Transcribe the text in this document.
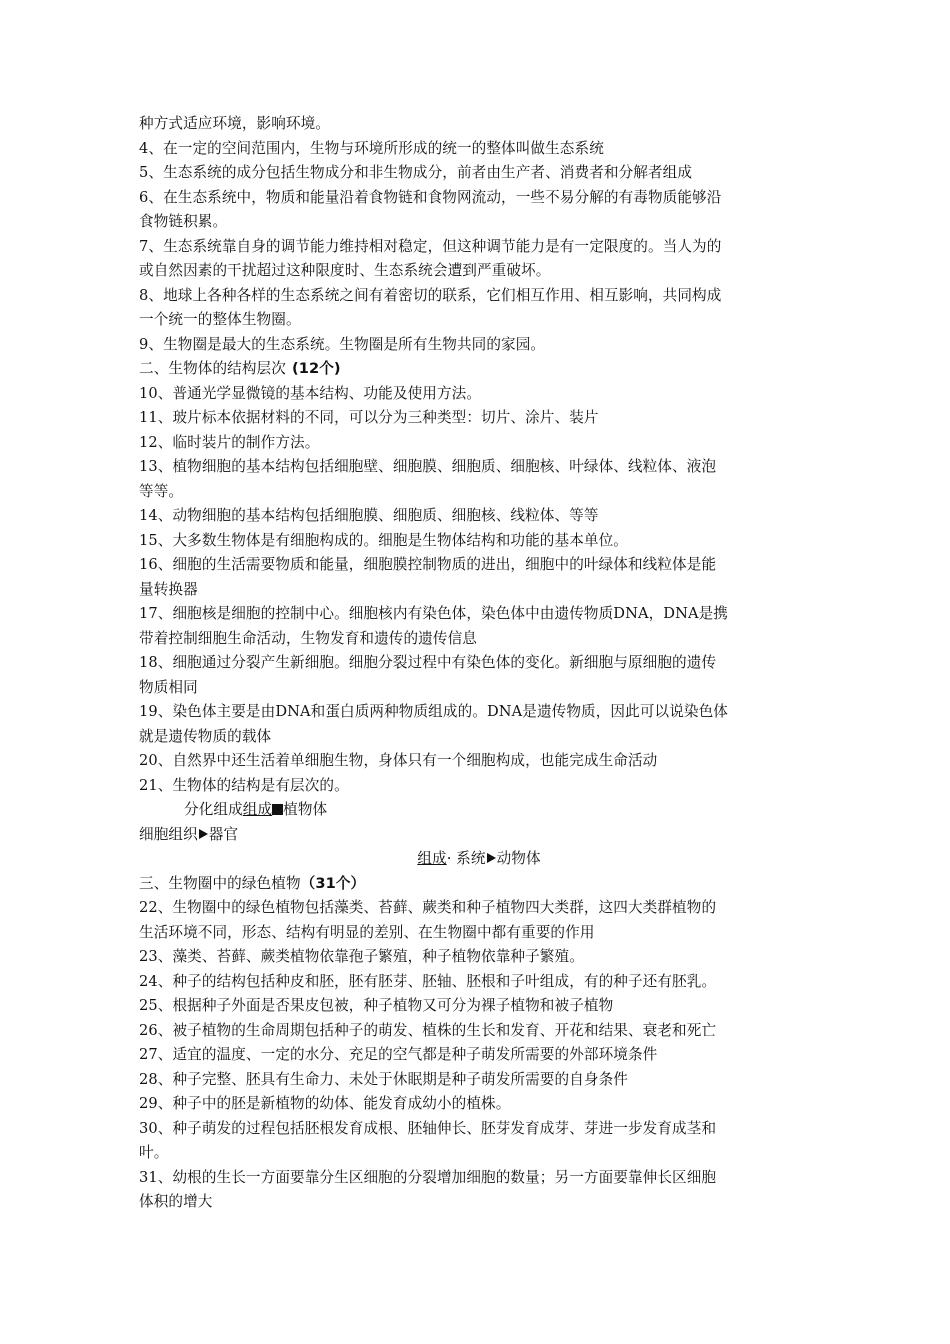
种方式适应环境，影响环境。
4、在一定的空间范围内，生物与环境所形成的统一的整体叫做生态系统
5、生态系统的成分包括生物成分和非生物成分，前者由生产者、消费者和分解者组成
6、在生态系统中，物质和能量沿着食物链和食物网流动，一些不易分解的有毒物质能够沿
食物链积累。
7、生态系统靠自身的调节能力维持相对稳定，但这种调节能力是有一定限度的。当人为的
或自然因素的干扰超过这种限度时、生态系统会遭到严重破坏。
8、地球上各种各样的生态系统之间有着密切的联系，它们相互作用、相互影响，共同构成
一个统一的整体生物圈。
9、生物圈是最大的生态系统。生物圈是所有生物共同的家园。
二、生物体的结构层次 (12个)
10、普通光学显微镜的基本结构、功能及使用方法。
11、玻片标本依据材料的不同，可以分为三种类型：切片、涂片、装片
12、临时装片的制作方法。
13、植物细胞的基本结构包括细胞壁、细胞膜、细胞质、细胞核、叶绿体、线粒体、液泡
等等。
14、动物细胞的基本结构包括细胞膜、细胞质、细胞核、线粒体、等等
15、大多数生物体是有细胞构成的。细胞是生物体结构和功能的基本单位。
16、细胞的生活需要物质和能量，细胞膜控制物质的进出，细胞中的叶绿体和线粒体是能
量转换器
17、细胞核是细胞的控制中心。细胞核内有染色体，染色体中由遗传物质DNA，DNA是携
带着控制细胞生命活动，生物发育和遗传的遗传信息
18、细胞通过分裂产生新细胞。细胞分裂过程中有染色体的变化。新细胞与原细胞的遗传
物质相同
19、染色体主要是由DNA和蛋白质两种物质组成的。DNA是遗传物质，因此可以说染色体
就是遗传物质的载体
20、自然界中还生活着单细胞生物，身体只有一个细胞构成，也能完成生命活动
21、生物体的结构是有层次的。
分化组成组成 植物体
细胞组织 器官
组成· 系统 动物体
三、生物圈中的绿色植物（31个）
22、生物圈中的绿色植物包括藻类、苔藓、蕨类和种子植物四大类群，这四大类群植物的
生活环境不同，形态、结构有明显的差别、在生物圈中都有重要的作用
23、藻类、苔藓、蕨类植物依靠孢子繁殖，种子植物依靠种子繁殖。
24、种子的结构包括种皮和胚，胚有胚芽、胚轴、胚根和子叶组成，有的种子还有胚乳。
25、根据种子外面是否果皮包被，种子植物又可分为裸子植物和被子植物
26、被子植物的生命周期包括种子的萌发、植株的生长和发育、开花和结果、衰老和死亡
27、适宜的温度、一定的水分、充足的空气都是种子萌发所需要的外部环境条件
28、种子完整、胚具有生命力、未处于休眠期是种子萌发所需要的自身条件
29、种子中的胚是新植物的幼体、能发育成幼小的植株。
30、种子萌发的过程包括胚根发育成根、胚轴伸长、胚芽发育成芽、芽进一步发育成茎和
叶。
31、幼根的生长一方面要靠分生区细胞的分裂增加细胞的数量；另一方面要靠伸长区细胞
体积的增大
